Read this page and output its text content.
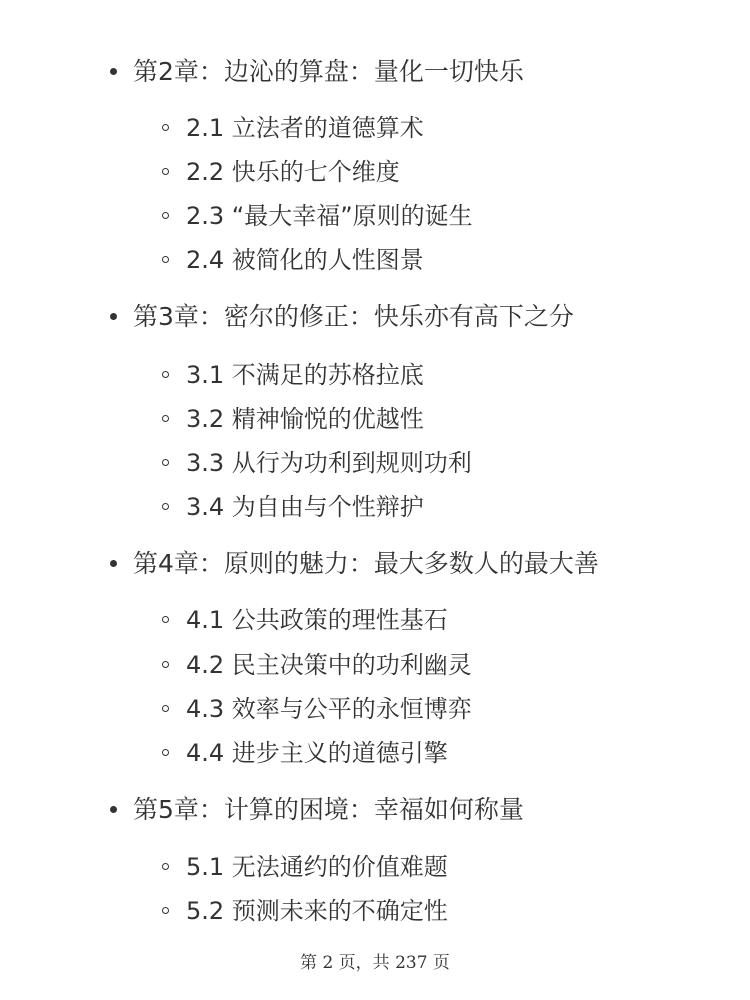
第2章：边沁的算盘：量化一切快乐
2.1 立法者的道德算术
2.2 快乐的七个维度
2.3 “最大幸福”原则的诞生
2.4 被简化的人性图景
第3章：密尔的修正：快乐亦有高下之分
3.1 不满足的苏格拉底
3.2 精神愉悦的优越性
3.3 从行为功利到规则功利
3.4 为自由与个性辩护
第4章：原则的魅力：最大多数人的最大善
4.1 公共政策的理性基石
4.2 民主决策中的功利幽灵
4.3 效率与公平的永恒博弈
4.4 进步主义的道德引擎
第5章：计算的困境：幸福如何称量
5.1 无法通约的价值难题
5.2 预测未来的不确定性
第 2 页，共 237 页
